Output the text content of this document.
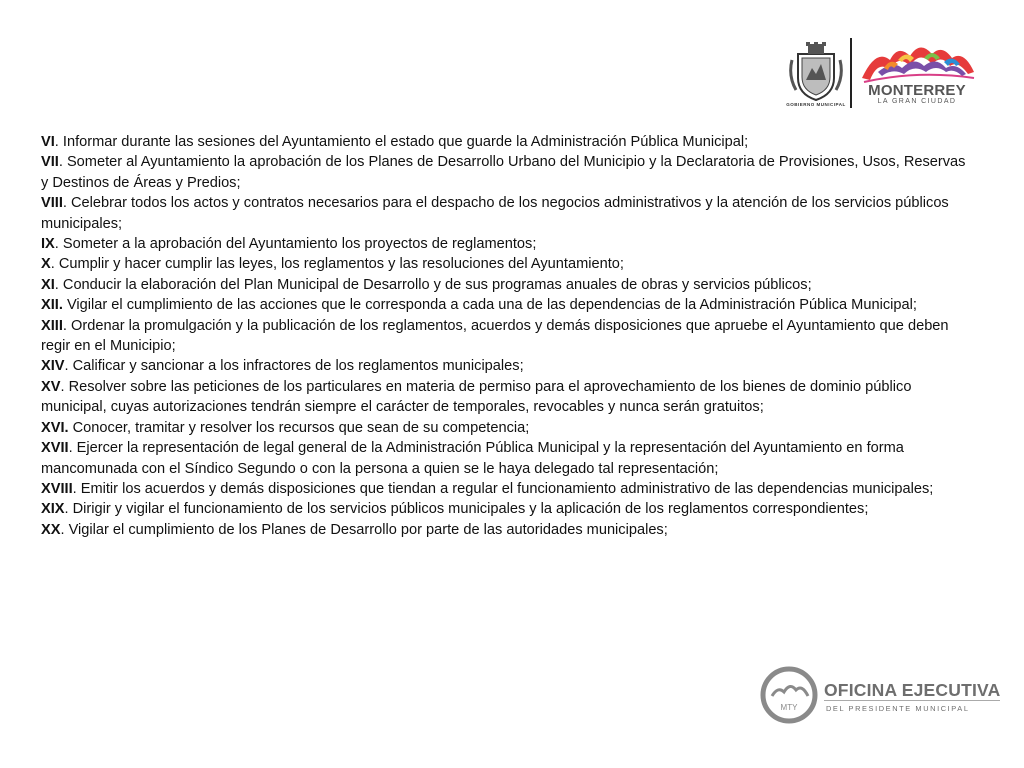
GOBIERNO MUNICIPAL
MONTERREY
LA GRAN CIUDAD

VI. Informar durante las sesiones del Ayuntamiento el estado que guarde la Administración Pública Municipal;

VII. Someter al Ayuntamiento la aprobación de los Planes de Desarrollo Urbano del Municipio y la Declaratoria de Provisiones, Usos, Reservas y Destinos de Áreas y Predios;

VIII. Celebrar todos los actos y contratos necesarios para el despacho de los negocios administrativos y la atención de los servicios públicos municipales;

IX. Someter a la aprobación del Ayuntamiento los proyectos de reglamentos;

X. Cumplir y hacer cumplir las leyes, los reglamentos y las resoluciones del Ayuntamiento;

XI. Conducir la elaboración del Plan Municipal de Desarrollo y de sus programas anuales de obras y servicios públicos;

XII. Vigilar el cumplimiento de las acciones que le corresponda a cada una de las dependencias de la Administración Pública Municipal;

XIII. Ordenar la promulgación y la publicación de los reglamentos, acuerdos y demás disposiciones que apruebe el Ayuntamiento que deben regir en el Municipio;

XIV. Calificar y sancionar a los infractores de los reglamentos municipales;

XV. Resolver sobre las peticiones de los particulares en materia de permiso para el aprovechamiento de los bienes de dominio público municipal, cuyas autorizaciones tendrán siempre el carácter de temporales, revocables y nunca serán gratuitos;

XVI. Conocer, tramitar y resolver los recursos que sean de su competencia;

XVII. Ejercer la representación de legal general de la Administración Pública Municipal y la representación del Ayuntamiento en forma mancomunada con el Síndico Segundo o con la persona a quien se le haya delegado tal representación;

XVIII. Emitir los acuerdos y demás disposiciones que tiendan a regular el funcionamiento administrativo de las dependencias municipales;

XIX. Dirigir y vigilar el funcionamiento de los servicios públicos municipales y la aplicación de los reglamentos correspondientes;

XX. Vigilar el cumplimiento de los Planes de Desarrollo por parte de las autoridades municipales;

MTY
OFICINA EJECUTIVA
DEL PRESIDENTE MUNICIPAL
